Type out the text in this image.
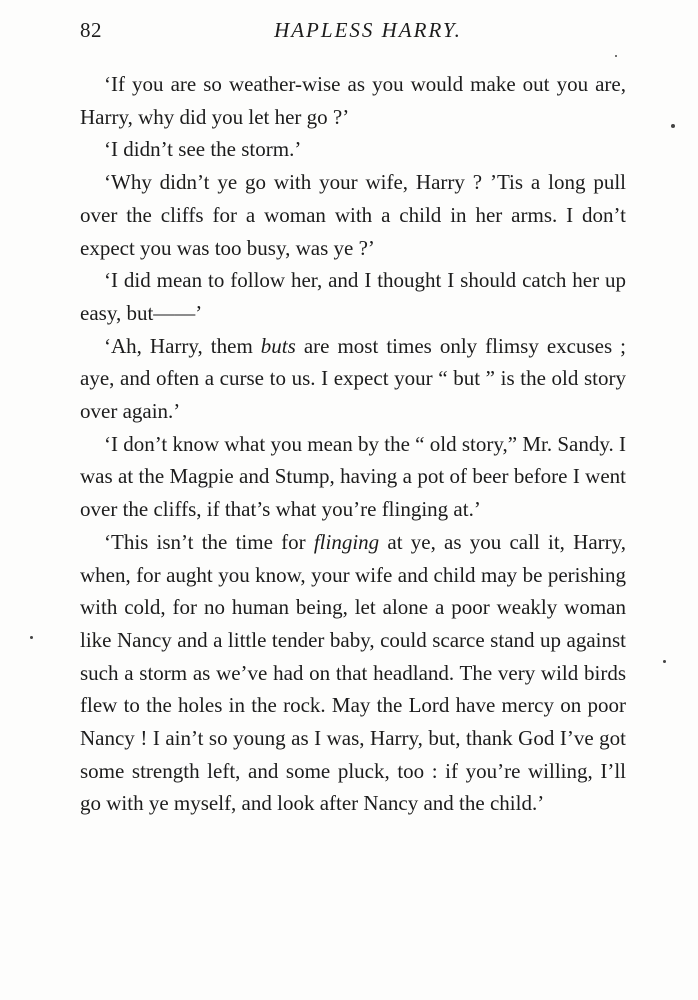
82	HAPLESS HARRY.

‘If you are so weather-wise as you would make out you are, Harry, why did you let her go ?’

‘I didn’t see the storm.’

‘Why didn’t ye go with your wife, Harry ? ’Tis a long pull over the cliffs for a woman with a child in her arms. I don’t expect you was too busy, was ye ?’

‘I did mean to follow her, and I thought I should catch her up easy, but——’

‘Ah, Harry, them buts are most times only flimsy excuses ; aye, and often a curse to us. I expect your “ but ” is the old story over again.’

‘I don’t know what you mean by the “ old story,” Mr. Sandy. I was at the Magpie and Stump, having a pot of beer before I went over the cliffs, if that’s what you’re flinging at.’

‘This isn’t the time for flinging at ye, as you call it, Harry, when, for aught you know, your wife and child may be perishing with cold, for no human being, let alone a poor weakly woman like Nancy and a little tender baby, could scarce stand up against such a storm as we’ve had on that headland. The very wild birds flew to the holes in the rock. May the Lord have mercy on poor Nancy ! I ain’t so young as I was, Harry, but, thank God I’ve got some strength left, and some pluck, too : if you’re willing, I’ll go with ye myself, and look after Nancy and the child.’
